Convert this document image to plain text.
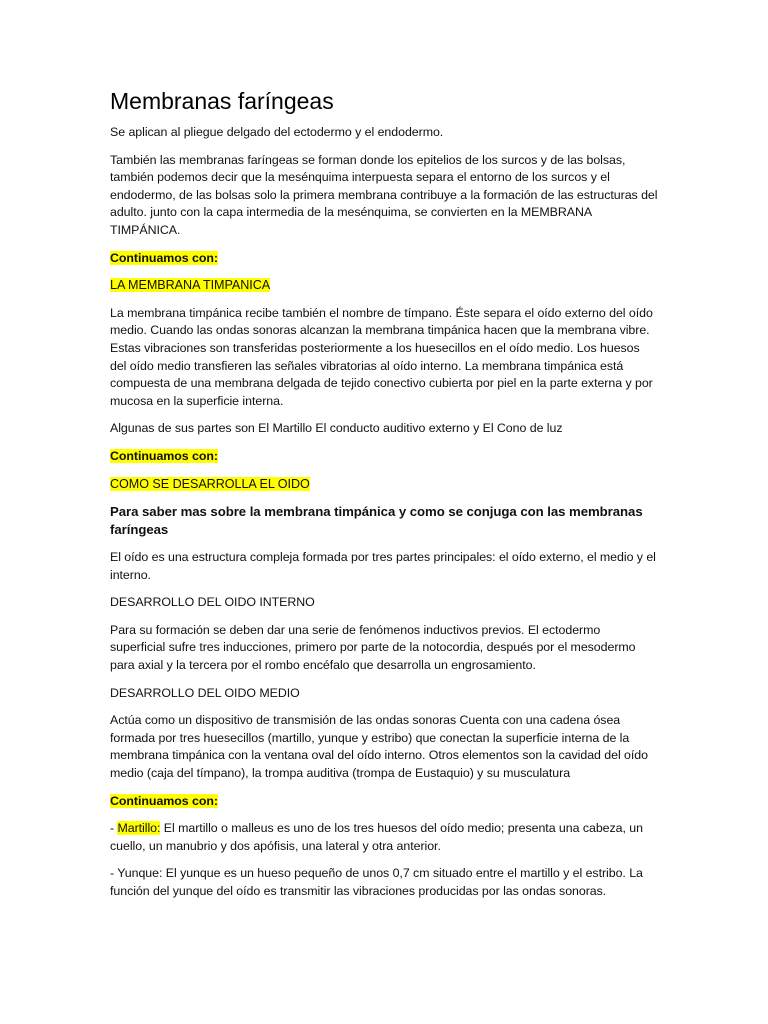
Membranas faríngeas

Se aplican al pliegue delgado del ectodermo y el endodermo.

También las membranas faríngeas se forman donde los epitelios de los surcos y de las bolsas, también podemos decir que la mesénquima interpuesta separa el entorno de los surcos y el endodermo, de las bolsas solo la primera membrana contribuye a la formación de las estructuras del adulto. junto con la capa intermedia de la mesénquima, se convierten en la MEMBRANA TIMPÁNICA.

Continuamos con:

LA MEMBRANA TIMPANICA

La membrana timpánica recibe también el nombre de tímpano. Éste separa el oído externo del oído medio. Cuando las ondas sonoras alcanzan la membrana timpánica hacen que la membrana vibre. Estas vibraciones son transferidas posteriormente a los huesecillos en el oído medio. Los huesos del oído medio transfieren las señales vibratorias al oído interno. La membrana timpánica está compuesta de una membrana delgada de tejido conectivo cubierta por piel en la parte externa y por mucosa en la superficie interna.

Algunas de sus partes son El Martillo El conducto auditivo externo y El Cono de luz

Continuamos con:

COMO SE DESARROLLA EL OIDO

Para saber mas sobre la membrana timpánica y como se conjuga con las membranas faríngeas

El oído es una estructura compleja formada por tres partes principales: el oído externo, el medio y el interno.

DESARROLLO DEL OIDO INTERNO

Para su formación se deben dar una serie de fenómenos inductivos previos. El ectodermo superficial sufre tres inducciones, primero por parte de la notocordia, después por el mesodermo para axial y la tercera por el rombo encéfalo que desarrolla un engrosamiento.

DESARROLLO DEL OIDO MEDIO

Actúa como un dispositivo de transmisión de las ondas sonoras Cuenta con una cadena ósea formada por tres huesecillos (martillo, yunque y estribo) que conectan la superficie interna de la membrana timpánica con la ventana oval del oído interno. Otros elementos son la cavidad del oído medio (caja del tímpano), la trompa auditiva (trompa de Eustaquio) y su musculatura

Continuamos con:

- Martillo: El martillo o malleus es uno de los tres huesos del oído medio; presenta una cabeza, un cuello, un manubrio y dos apófisis, una lateral y otra anterior.

- Yunque: El yunque es un hueso pequeño de unos 0,7 cm situado entre el martillo y el estribo. La función del yunque del oído es transmitir las vibraciones producidas por las ondas sonoras.
